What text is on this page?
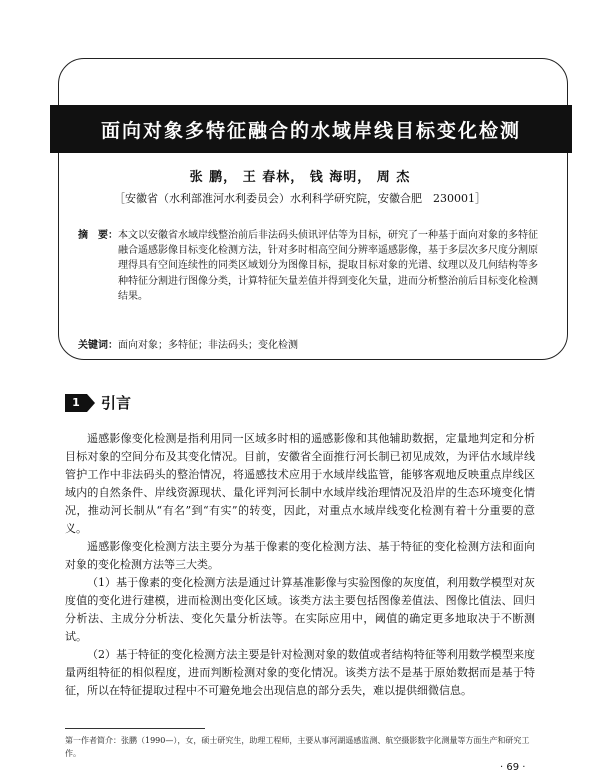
面向对象多特征融合的水域岸线目标变化检测
张 鹏， 王 春林， 钱 海明， 周 杰
［安徽省（水利部淮河水利委员会）水利科学研究院，安徽合肥　230001］
摘　要： 本文以安徽省水域岸线整治前后非法码头侦讯评估等为目标，研究了一种基于面向对象的多特征融合遥感影像目标变化检测方法，针对多时相高空间分辨率遥感影像，基于多层次多尺度分割原理得具有空间连续性的同类区域划分为图像目标，提取目标对象的光谱、纹理以及几何结构等多种特征分割进行图像分类，计算特征矢量差值并得到变化矢量，进而分析整治前后目标变化检测结果。
关键词：面向对象；多特征；非法码头；变化检测
1	引言

遥感影像变化检测是指利用同一区域多时相的遥感影像和其他辅助数据，定量地判定和分析目标对象的空间分布及其变化情况。目前，安徽省全面推行河长制已初见成效，为评估水域岸线管护工作中非法码头的整治情况，将遥感技术应用于水域岸线监管，能够客观地反映重点岸线区域内的自然条件、岸线资源现状、量化评判河长制中水域岸线治理情况及沿岸的生态环境变化情况，推动河长制从“有名”到“有实”的转变，因此，对重点水域岸线变化检测有着十分重要的意义。

遥感影像变化检测方法主要分为基于像素的变化检测方法、基于特征的变化检测方法和面向对象的变化检测方法等三大类。

（1）基于像素的变化检测方法是通过计算基准影像与实验图像的灰度值，利用数学模型对灰度值的变化进行建模，进而检测出变化区域。该类方法主要包括图像差值法、图像比值法、回归分析法、主成分分析法、变化矢量分析法等。在实际应用中，阈值的确定更多地取决于不断测试。

（2）基于特征的变化检测方法主要是针对检测对象的数值或者结构特征等利用数学模型来度量两组特征的相似程度，进而判断检测对象的变化情况。该类方法不是基于原始数据而是基于特征，所以在特征提取过程中不可避免地会出现信息的部分丢失，难以提供细微信息。

第一作者简介：张鹏（1990—），女，硕士研究生，助理工程师，主要从事河湖遥感监测、航空摄影数字化测量等方面生产和研究工作。
· 69 ·
